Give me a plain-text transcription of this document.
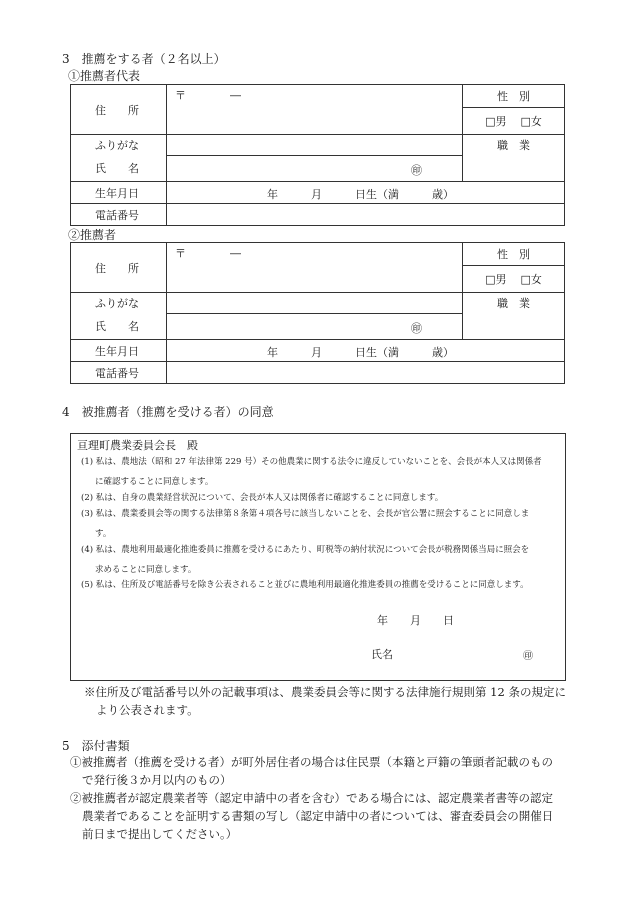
3　推薦をする者（２名以上）
①推薦者代表
住　　所	〒　　　　―	性　別
		□男 □女
ふりがな		職　業
氏　　名	㊞	

生年月日	年　　　月　　　日生（満　　　歳）	

電話番号		
②推薦者
住　　所	〒　　　　―	性　別
		□男 □女
ふりがな		職　業
氏　　名	㊞	

生年月日	年　　　月　　　日生（満　　　歳）	

電話番号		
4　被推薦者（推薦を受ける者）の同意
亘理町農業委員会長　殿
(1) 私は、農地法（昭和 27 年法律第 229 号）その他農業に関する法令に違反していないことを、会長が本人又は関係者
に確認することに同意します。
(2) 私は、自身の農業経営状況について、会長が本人又は関係者に確認することに同意します。
(3) 私は、農業委員会等の関する法律第８条第４項各号に該当しないことを、会長が官公署に照会することに同意しま
す。
(4) 私は、農地利用最適化推進委員に推薦を受けるにあたり、町税等の納付状況について会長が税務関係当局に照会を
求めることに同意します。
(5) 私は、住所及び電話番号を除き公表されること並びに農地利用最適化推進委員の推薦を受けることに同意します。
年　　月　　日
氏名	㊞
※住所及び電話番号以外の記載事項は、農業委員会等に関する法律施行規則第 12 条の規定に
より公表されます。
5　添付書類
①被推薦者（推薦を受ける者）が町外居住者の場合は住民票（本籍と戸籍の筆頭者記載のもの
で発行後３か月以内のもの）
②被推薦者が認定農業者等（認定申請中の者を含む）である場合には、認定農業者書等の認定
農業者であることを証明する書類の写し（認定申請中の者については、審査委員会の開催日
前日まで提出してください。）
